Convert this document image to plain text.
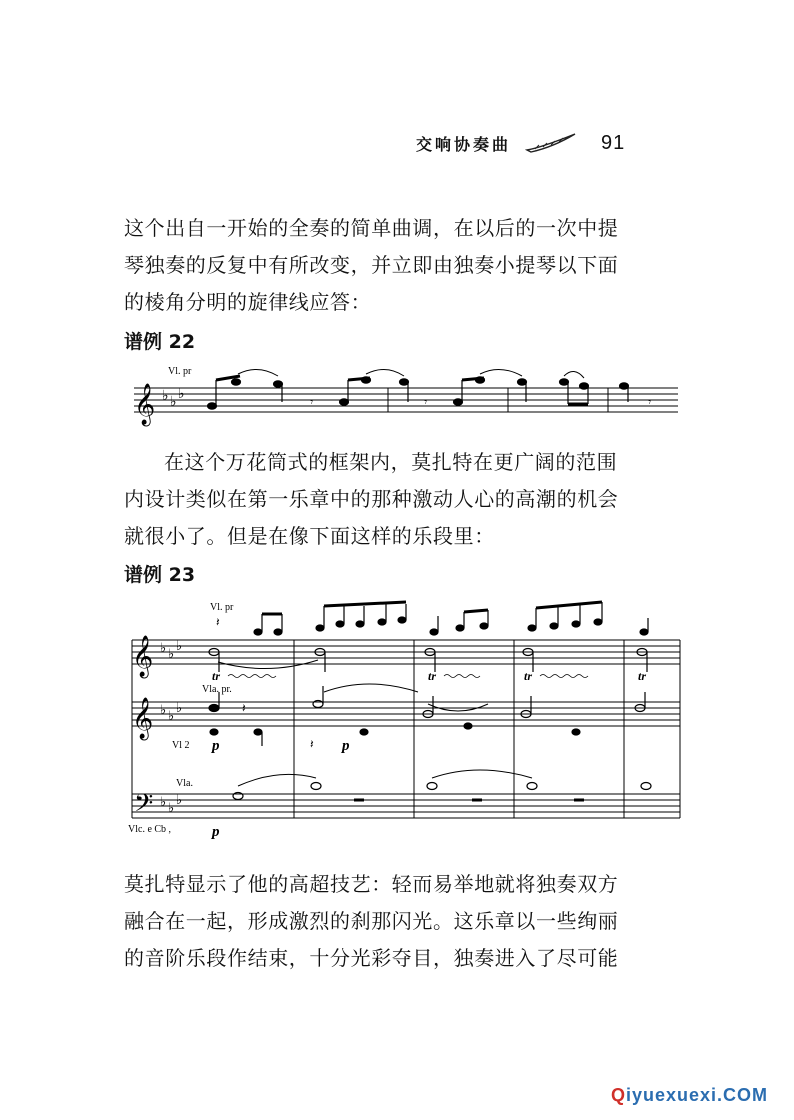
交响协奏曲	91
这个出自一开始的全奏的简单曲调，在以后的一次中提
琴独奏的反复中有所改变，并立即由独奏小提琴以下面
的棱角分明的旋律线应答：
谱例 22
Vl. pr
𝄞 ♭ ♭ ♭	𝄾	𝄾	𝄾
在这个万花筒式的框架内，莫扎特在更广阔的范围
内设计类似在第一乐章中的那种激动人心的高潮的机会
就很小了。但是在像下面这样的乐段里：
谱例 23
Vl. pr
Vla. pr.
Vl 2
Vla.
Vlc. e Cb ,
𝄞
𝄞
𝄢
♭ ♭
♭
♭ ♭
♭
♭ ♭
♭
tr	tr	tr	tr
p	p
p
𝄽
𝄽
𝄽
莫扎特显示了他的高超技艺：轻而易举地就将独奏双方
融合在一起，形成激烈的刹那闪光。这乐章以一些绚丽
的音阶乐段作结束，十分光彩夺目，独奏进入了尽可能
Qiyuexuexi.COM
